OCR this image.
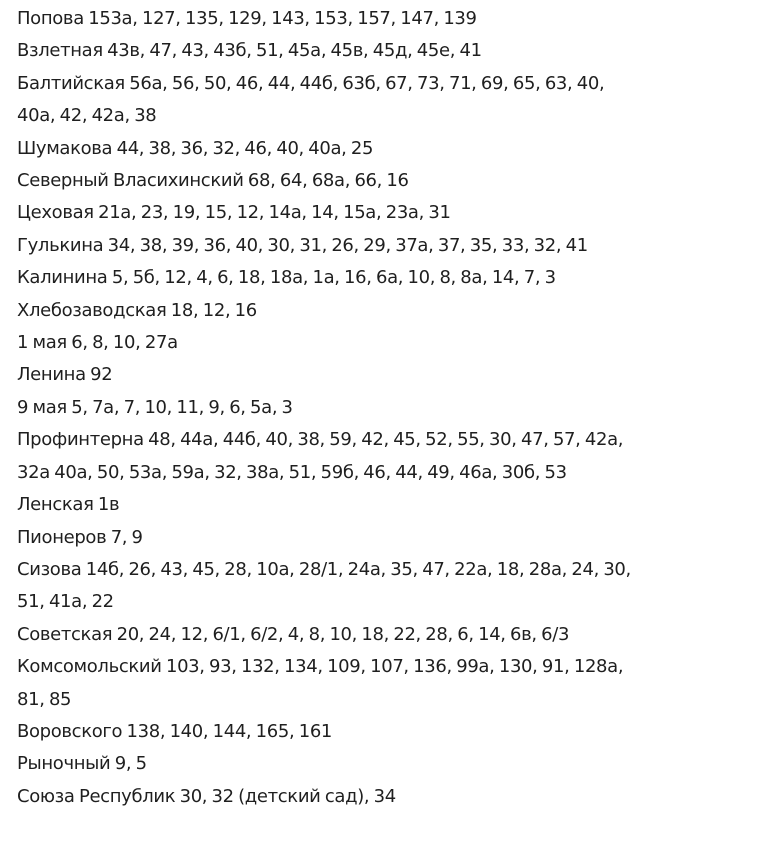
Попова 153а, 127, 135, 129, 143, 153, 157, 147, 139

Взлетная 43в, 47, 43, 43б, 51, 45а, 45в, 45д, 45е, 41

Балтийская 56а, 56, 50, 46, 44, 44б, 63б, 67, 73, 71, 69, 65, 63, 40,

40а, 42, 42а, 38

Шумакова 44, 38, 36, 32, 46, 40, 40а, 25

Северный Власихинский 68, 64, 68а, 66, 16

Цеховая 21а, 23, 19, 15, 12, 14а, 14, 15а, 23а, 31

Гулькина 34, 38, 39, 36, 40, 30, 31, 26, 29, 37а, 37, 35, 33, 32, 41

Калинина 5, 5б, 12, 4, 6, 18, 18а, 1а, 16, 6а, 10, 8, 8а, 14, 7, 3

Хлебозаводская 18, 12, 16

1 мая 6, 8, 10, 27а

Ленина 92

9 мая 5, 7а, 7, 10, 11, 9, 6, 5а, 3

Профинтерна 48, 44а, 44б, 40, 38, 59, 42, 45, 52, 55, 30, 47, 57, 42а,

32а 40а, 50, 53а, 59а, 32, 38а, 51, 59б, 46, 44, 49, 46а, 30б, 53

Ленская 1в

Пионеров 7, 9

Сизова 14б, 26, 43, 45, 28, 10а, 28/1, 24а, 35, 47, 22а, 18, 28а, 24, 30,

51, 41а, 22

Советская 20, 24, 12, 6/1, 6/2, 4, 8, 10, 18, 22, 28, 6, 14, 6в, 6/3

Комсомольский 103, 93, 132, 134, 109, 107, 136, 99а, 130, 91, 128а,

81, 85

Воровского 138, 140, 144, 165, 161

Рыночный 9, 5

Союза Республик 30, 32 (детский сад), 34
